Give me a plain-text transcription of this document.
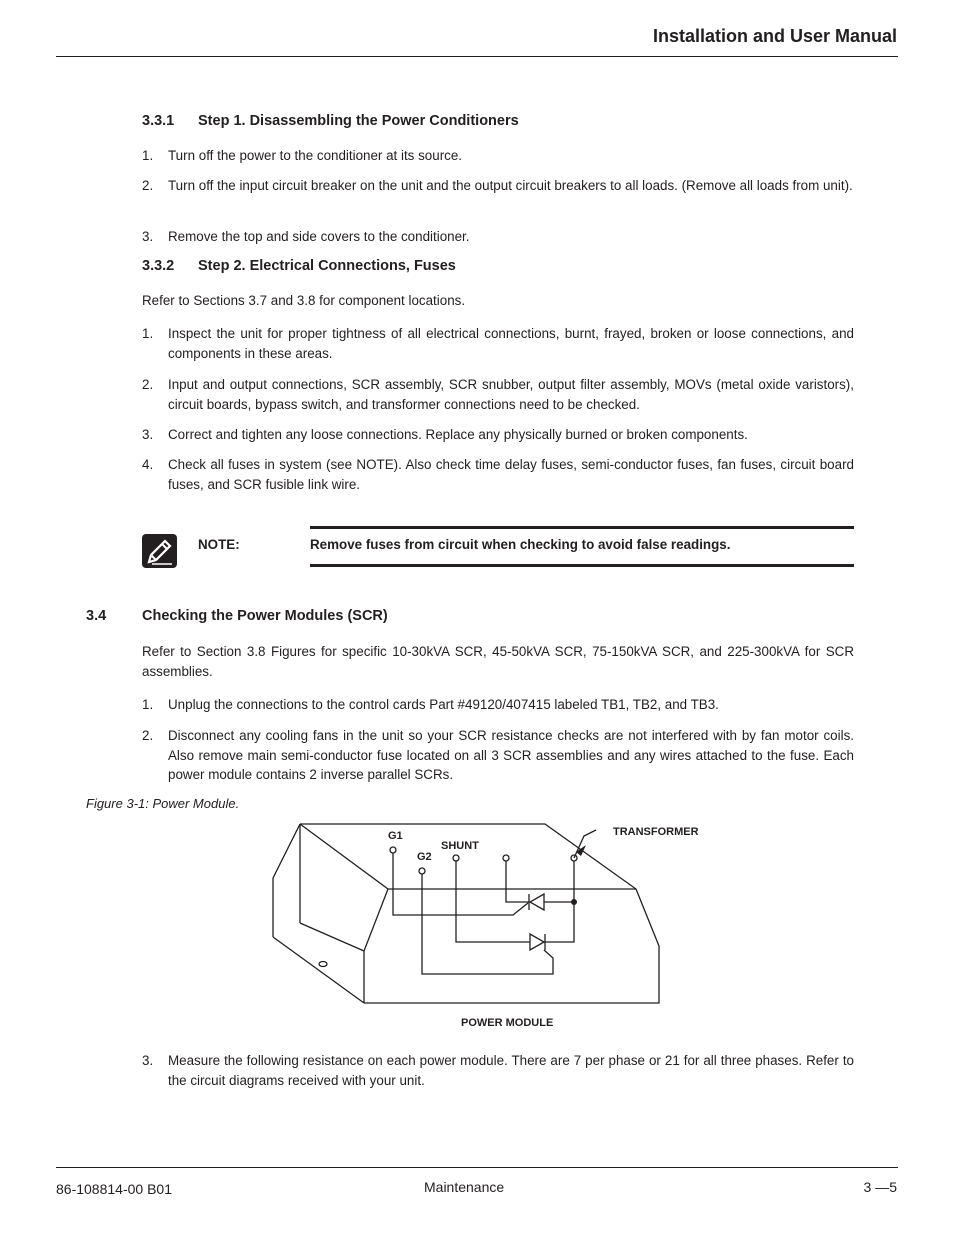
Installation and User Manual
3.3.1 Step 1. Disassembling the Power Conditioners
1. Turn off the power to the conditioner at its source.
2. Turn off the input circuit breaker on the unit and the output circuit breakers to all loads. (Remove all loads from unit).
3. Remove the top and side covers to the conditioner.
3.3.2 Step 2. Electrical Connections, Fuses
Refer to Sections 3.7 and 3.8 for component locations.
1. Inspect the unit for proper tightness of all electrical connections, burnt, frayed, broken or loose connections, and components in these areas.
2. Input and output connections, SCR assembly, SCR snubber, output filter assembly, MOVs (metal oxide varistors), circuit boards, bypass switch, and transformer connections need to be checked.
3. Correct and tighten any loose connections. Replace any physically burned or broken components.
4. Check all fuses in system (see NOTE). Also check time delay fuses, semi-conductor fuses, fan fuses, circuit board fuses, and SCR fusible link wire.
NOTE:	Remove fuses from circuit when checking to avoid false readings.
3.4 Checking the Power Modules (SCR)
Refer to Section 3.8 Figures for specific 10-30kVA SCR, 45-50kVA SCR, 75-150kVA SCR, and 225-300kVA for SCR assemblies.
1. Unplug the connections to the control cards Part #49120/407415 labeled TB1, TB2, and TB3.
2. Disconnect any cooling fans in the unit so your SCR resistance checks are not interfered with by fan motor coils. Also remove main semi-conductor fuse located on all 3 SCR assemblies and any wires attached to the fuse. Each power module contains 2 inverse parallel SCRs.
Figure 3-1: Power Module.
G1
G2
SHUNT
TRANSFORMER
POWER MODULE
3. Measure the following resistance on each power module. There are 7 per phase or 21 for all three phases. Refer to the circuit diagrams received with your unit.
86-108814-00 B01	Maintenance	3 —5
